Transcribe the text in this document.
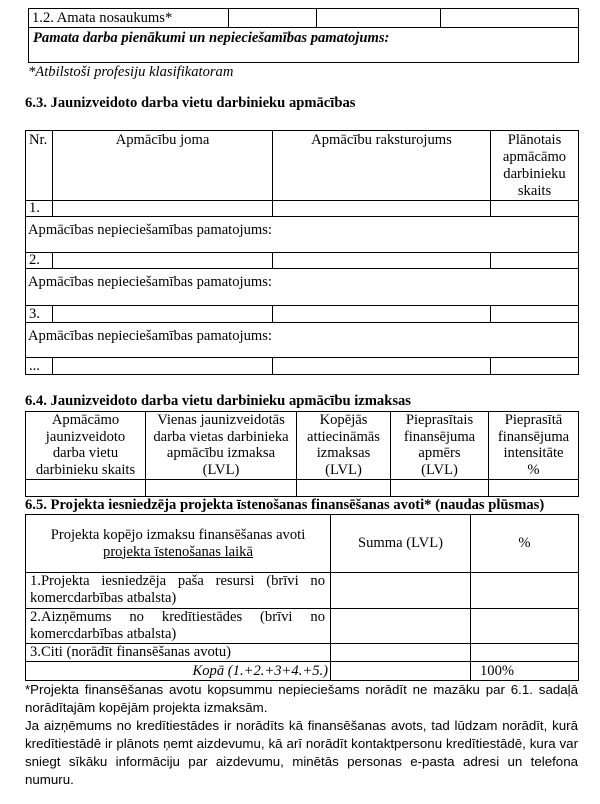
1.2. Amata nosaukums*			
Pamata darba pienākumi un nepieciešamības pamatojums:
*Atbilstoši profesiju klasifikatoram
6.3. Jaunizveidoto darba vietu darbinieku apmācības
Nr.	Apmācību joma	Apmācību raksturojums	Plānotais
apmācāmo
darbinieku
skaits
1.			
Apmācības nepieciešamības pamatojums:			
2.			
Apmācības nepieciešamības pamatojums:			
3.			
Apmācības nepieciešamības pamatojums:			
...			
6.4. Jaunizveidoto darba vietu darbinieku apmācību izmaksas
Apmācāmo
jaunizveidoto
darba vietu
darbinieku skaits	Vienas jaunizveidotās
darba vietas darbinieka
apmācību izmaksa
(LVL)	Kopējās
attiecināmās
izmaksas
(LVL)	Pieprasītais
finansējuma
apmērs
(LVL)	Pieprasītā
finansējuma
intensitāte
%

6.5. Projekta iesniedzēja projekta īstenošanas finansēšanas avoti* (naudas plūsmas)
Projekta kopējo izmaksu finansēšanas avoti
projekta īstenošanas laikā	Summa (LVL)	%
1.Projekta iesniedzēja paša resursi (brīvi no komercdarbības atbalsta)		
2.Aizņēmums no kredītiestādes (brīvi no komercdarbības atbalsta)		
3.Citi (norādīt finansēšanas avotu)		
Kopā (1.+2.+3+4.+5.)		100%

*Projekta finansēšanas avotu kopsummu nepieciešams norādīt ne mazāku par 6.1. sadaļā norādītajām kopējām projekta izmaksām.

Ja aizņēmums no kredītiestādes ir norādīts kā finansēšanas avots, tad lūdzam norādīt, kurā kredītiestādē ir plānots ņemt aizdevumu, kā arī norādīt kontaktpersonu kredītiestādē, kura var sniegt sīkāku informāciju par aizdevumu, minētās personas e-pasta adresi un telefona numuru.
